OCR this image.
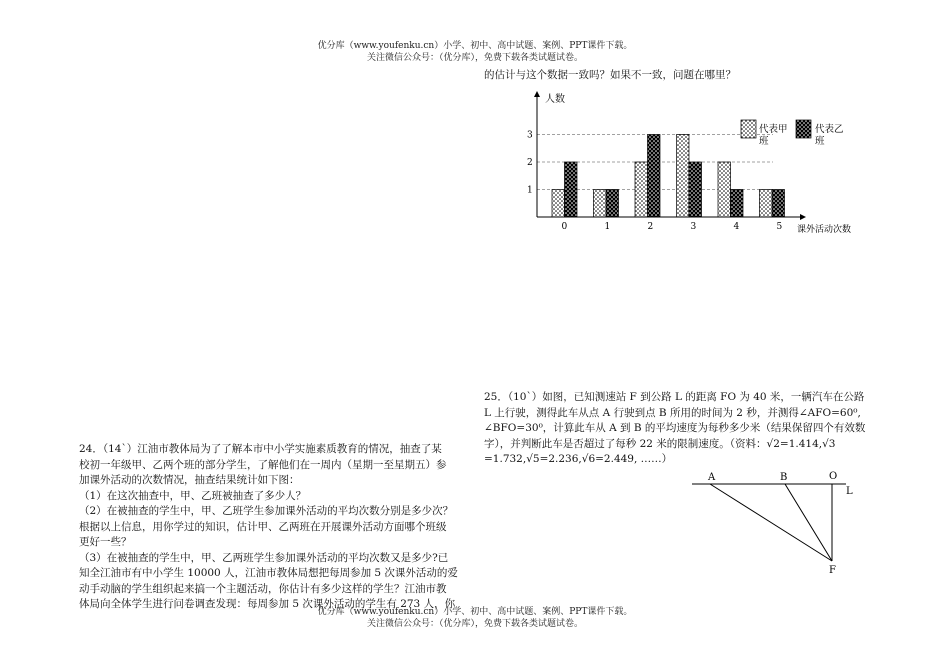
优分库（www.youfenku.cn）小学、初中、高中试题、案例、PPT课件下载。
关注微信公众号：（优分库），免费下载各类试题试卷。
的估计与这个数据一致吗？如果不一致，问题在哪里？
1
2
3
0	1	2	3	4	5
人数
课外活动次数
代表甲
班
代表乙
班

25．（10`）如图，已知测速站 F 到公路 L 的距离 FO 为 40 米，一辆汽车在公路

L 上行驶，测得此车从点 A 行驶到点 B 所用的时间为 2 秒，并测得∠AFO=60⁰,

∠BFO=30⁰，计算此车从 A 到 B 的平均速度为每秒多少米（结果保留四个有效数

字），并判断此车是否超过了每秒 22 米的限制速度。（资料：√2=1.414,√3

=1.732,√5=2.236,√6=2.449, ……）

A	B	O
L
F

24．（14`）江油市教体局为了了解本市中小学实施素质教育的情况，抽查了某

校初一年级甲、乙两个班的部分学生，了解他们在一周内（星期一至星期五）参

加课外活动的次数情况，抽查结果统计如下图：

（1）在这次抽查中，甲、乙班被抽查了多少人？

（2）在被抽查的学生中，甲、乙班学生参加课外活动的平均次数分别是多少次？

根据以上信息，用你学过的知识，估计甲、乙两班在开展课外活动方面哪个班级

更好一些？

（3）在被抽查的学生中，甲、乙两班学生参加课外活动的平均次数又是多少?已

知全江油市有中小学生 10000 人，江油市教体局想把每周参加 5 次课外活动的爱

动手动脑的学生组织起来搞一个主题活动，你估计有多少这样的学生？江油市教

体局向全体学生进行问卷调查发现：每周参加 5 次课外活动的学生有 273 人，你

优分库（www.youfenku.cn）小学、初中、高中试题、案例、PPT课件下载。
关注微信公众号：（优分库），免费下载各类试题试卷。
